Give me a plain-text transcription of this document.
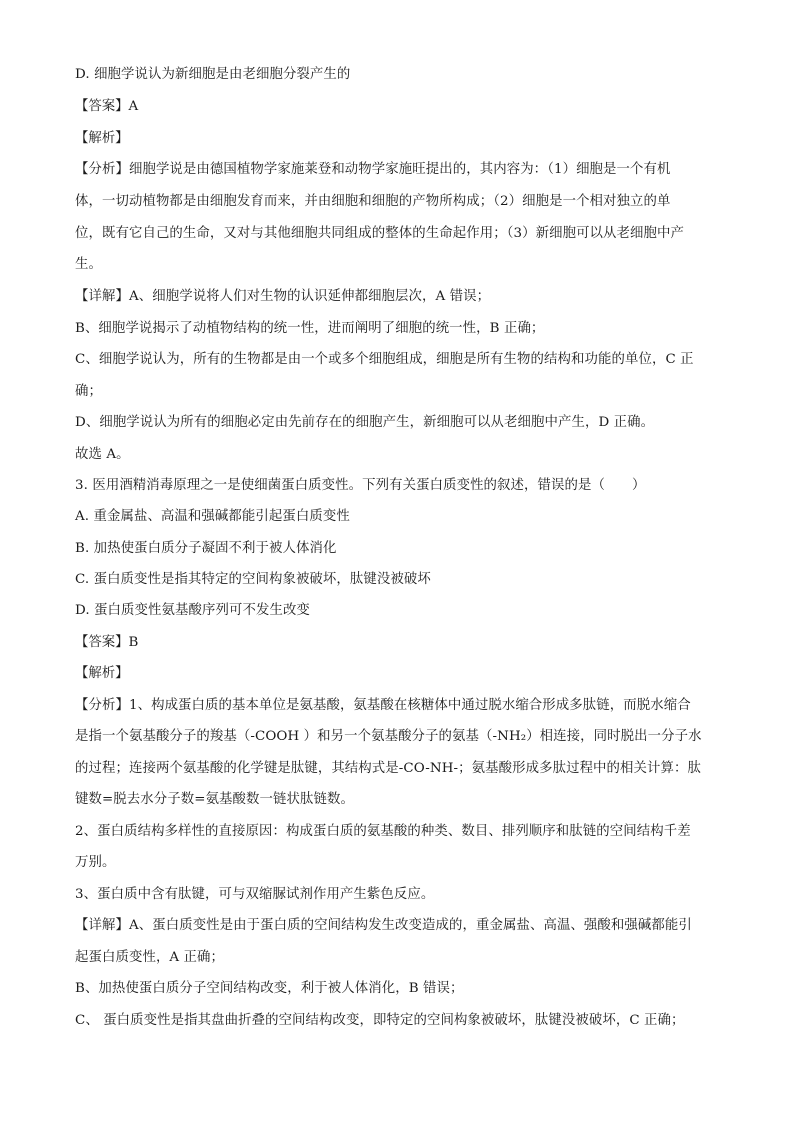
D. 细胞学说认为新细胞是由老细胞分裂产生的
【答案】A
【解析】
【分析】细胞学说是由德国植物学家施莱登和动物学家施旺提出的，其内容为：（1）细胞是一个有机
体，一切动植物都是由细胞发育而来，并由细胞和细胞的产物所构成；（2）细胞是一个相对独立的单
位，既有它自己的生命，又对与其他细胞共同组成的整体的生命起作用；（3）新细胞可以从老细胞中产
生。
【详解】A、细胞学说将人们对生物的认识延伸都细胞层次，A 错误；
B、细胞学说揭示了动植物结构的统一性，进而阐明了细胞的统一性，B 正确；
C、细胞学说认为，所有的生物都是由一个或多个细胞组成，细胞是所有生物的结构和功能的单位，C 正
确；
D、细胞学说认为所有的细胞必定由先前存在的细胞产生，新细胞可以从老细胞中产生，D 正确。
故选 A。
3. 医用酒精消毒原理之一是使细菌蛋白质变性。下列有关蛋白质变性的叙述，错误的是（　　）
A. 重金属盐、高温和强碱都能引起蛋白质变性
B. 加热使蛋白质分子凝固不利于被人体消化
C. 蛋白质变性是指其特定的空间构象被破坏，肽键没被破坏
D. 蛋白质变性氨基酸序列可不发生改变
【答案】B
【解析】
【分析】1、构成蛋白质的基本单位是氨基酸，氨基酸在核糖体中通过脱水缩合形成多肽链，而脱水缩合
是指一个氨基酸分子的羧基（-COOH ）和另一个氨基酸分子的氨基（-NH₂）相连接，同时脱出一分子水
的过程；连接两个氨基酸的化学键是肽键，其结构式是-CO-NH-；氨基酸形成多肽过程中的相关计算：肽
键数=脱去水分子数=氨基酸数一链状肽链数。
2、蛋白质结构多样性的直接原因：构成蛋白质的氨基酸的种类、数目、排列顺序和肽链的空间结构千差
万别。
3、蛋白质中含有肽键，可与双缩脲试剂作用产生紫色反应。
【详解】A、蛋白质变性是由于蛋白质的空间结构发生改变造成的，重金属盐、高温、强酸和强碱都能引
起蛋白质变性，A 正确；
B、加热使蛋白质分子空间结构改变，利于被人体消化，B 错误；
C、 蛋白质变性是指其盘曲折叠的空间结构改变，即特定的空间构象被破坏，肽键没被破坏，C 正确；
